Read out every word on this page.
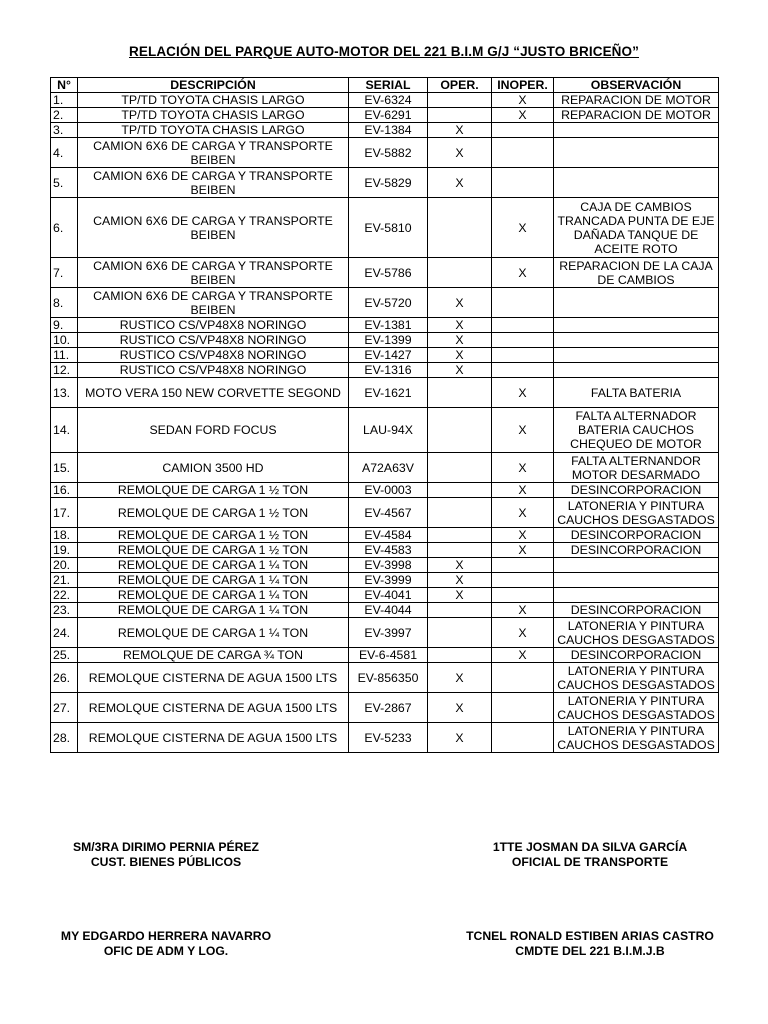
RELACIÓN DEL PARQUE AUTO-MOTOR DEL 221 B.I.M G/J “JUSTO BRICEÑO”
N°	DESCRIPCIÓN	SERIAL	OPER.	INOPER.	OBSERVACIÓN
1.	TP/TD TOYOTA CHASIS LARGO	EV-6324		X	REPARACION DE MOTOR
2.	TP/TD TOYOTA CHASIS LARGO	EV-6291		X	REPARACION DE MOTOR
3.	TP/TD TOYOTA CHASIS LARGO	EV-1384	X		
4.	CAMION 6X6 DE CARGA Y TRANSPORTE BEIBEN	EV-5882	X		
5.	CAMION 6X6 DE CARGA Y TRANSPORTE BEIBEN	EV-5829	X		
6.	CAMION 6X6 DE CARGA Y TRANSPORTE BEIBEN	EV-5810		X	CAJA DE CAMBIOS TRANCADA PUNTA DE EJE DAÑADA TANQUE DE ACEITE ROTO
7.	CAMION 6X6 DE CARGA Y TRANSPORTE BEIBEN	EV-5786		X	REPARACION DE LA CAJA DE CAMBIOS
8.	CAMION 6X6 DE CARGA Y TRANSPORTE BEIBEN	EV-5720	X		
9.	RUSTICO CS/VP48X8 NORINGO	EV-1381	X		
10.	RUSTICO CS/VP48X8 NORINGO	EV-1399	X		
11.	RUSTICO CS/VP48X8 NORINGO	EV-1427	X		
12.	RUSTICO CS/VP48X8 NORINGO	EV-1316	X		
13.	MOTO VERA 150 NEW CORVETTE SEGOND	EV-1621		X	FALTA BATERIA
14.	SEDAN FORD FOCUS	LAU-94X		X	FALTA ALTERNADOR BATERIA CAUCHOS CHEQUEO DE MOTOR
15.	CAMION 3500 HD	A72A63V		X	FALTA ALTERNANDOR MOTOR DESARMADO
16.	REMOLQUE DE CARGA 1 ½ TON	EV-0003		X	DESINCORPORACION
17.	REMOLQUE DE CARGA 1 ½ TON	EV-4567		X	LATONERIA Y PINTURA CAUCHOS DESGASTADOS
18.	REMOLQUE DE CARGA 1 ½ TON	EV-4584		X	DESINCORPORACION
19.	REMOLQUE DE CARGA 1 ½ TON	EV-4583		X	DESINCORPORACION
20.	REMOLQUE DE CARGA 1 ¼ TON	EV-3998	X		
21.	REMOLQUE DE CARGA 1 ¼ TON	EV-3999	X		
22.	REMOLQUE DE CARGA 1 ¼ TON	EV-4041	X		
23.	REMOLQUE DE CARGA 1 ¼ TON	EV-4044		X	DESINCORPORACION
24.	REMOLQUE DE CARGA 1 ¼ TON	EV-3997		X	LATONERIA Y PINTURA CAUCHOS DESGASTADOS
25.	REMOLQUE DE CARGA ¾ TON	EV-6-4581		X	DESINCORPORACION
26.	REMOLQUE CISTERNA DE AGUA 1500 LTS	EV-856350	X		LATONERIA Y PINTURA CAUCHOS DESGASTADOS
27.	REMOLQUE CISTERNA DE AGUA 1500 LTS	EV-2867	X		LATONERIA Y PINTURA CAUCHOS DESGASTADOS
28.	REMOLQUE CISTERNA DE AGUA 1500 LTS	EV-5233	X		LATONERIA Y PINTURA CAUCHOS DESGASTADOS
SM/3RA DIRIMO PERNIA PÉREZ
CUST. BIENES PÚBLICOS
1TTE JOSMAN DA SILVA GARCÍA
OFICIAL DE TRANSPORTE
MY EDGARDO HERRERA NAVARRO
OFIC DE ADM Y LOG.
TCNEL RONALD ESTIBEN ARIAS CASTRO
CMDTE DEL 221 B.I.M.J.B
